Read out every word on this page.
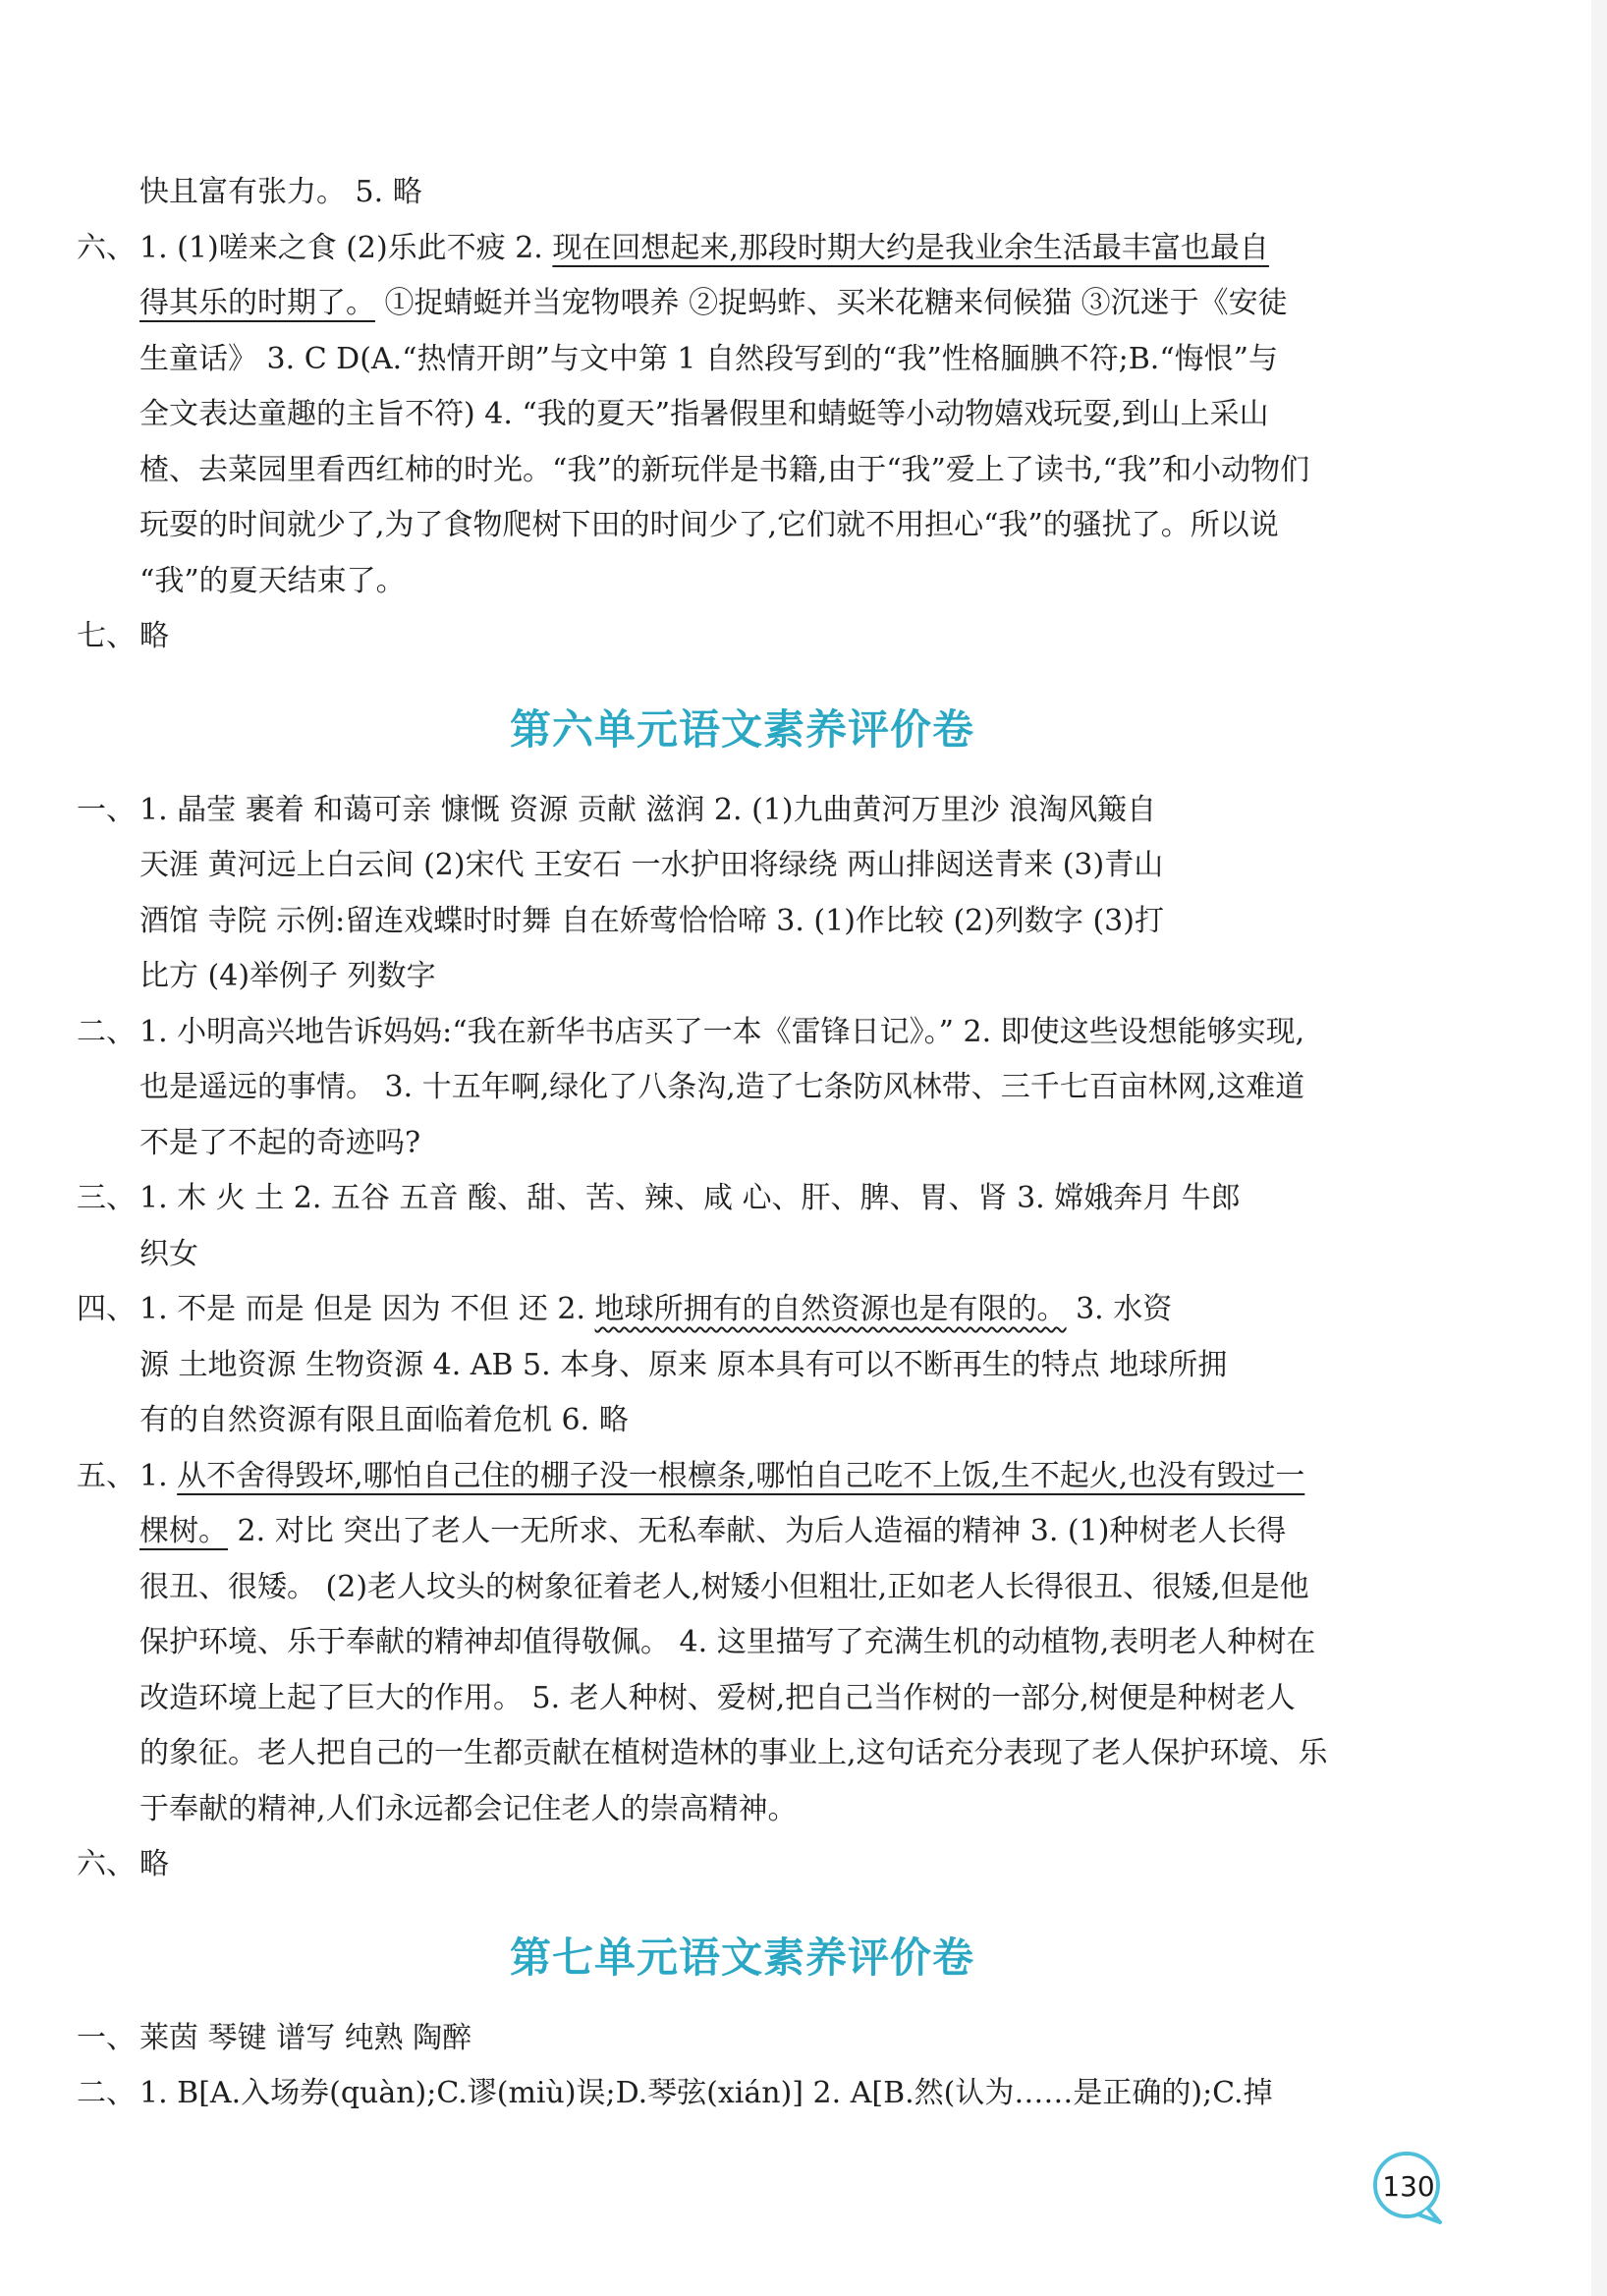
快且富有张力。 5. 略
六、 1. (1)嗟来之食 (2)乐此不疲 2. 现在回想起来,那段时期大约是我业余生活最丰富也最自
得其乐的时期了。 ①捉蜻蜓并当宠物喂养 ②捉蚂蚱、买米花糖来伺候猫 ③沉迷于《安徒
生童话》 3. C D(A.“热情开朗”与文中第 1 自然段写到的“我”性格腼腆不符;B.“悔恨”与
全文表达童趣的主旨不符) 4. “我的夏天”指暑假里和蜻蜓等小动物嬉戏玩耍,到山上采山
楂、去菜园里看西红柿的时光。“我”的新玩伴是书籍,由于“我”爱上了读书,“我”和小动物们
玩耍的时间就少了,为了食物爬树下田的时间少了,它们就不用担心“我”的骚扰了。所以说
“我”的夏天结束了。
七、 略
第六单元语文素养评价卷
一、 1. 晶莹 裹着 和蔼可亲 慷慨 资源 贡献 滋润 2. (1)九曲黄河万里沙 浪淘风簸自
天涯 黄河远上白云间 (2)宋代 王安石 一水护田将绿绕 两山排闼送青来 (3)青山
酒馆 寺院 示例:留连戏蝶时时舞 自在娇莺恰恰啼 3. (1)作比较 (2)列数字 (3)打
比方 (4)举例子 列数字
二、 1. 小明高兴地告诉妈妈:“我在新华书店买了一本《雷锋日记》。” 2. 即使这些设想能够实现,
也是遥远的事情。 3. 十五年啊,绿化了八条沟,造了七条防风林带、三千七百亩林网,这难道
不是了不起的奇迹吗?
三、 1. 木 火 土 2. 五谷 五音 酸、甜、苦、辣、咸 心、肝、脾、胃、肾 3. 嫦娥奔月 牛郎
织女
四、 1. 不是 而是 但是 因为 不但 还 2. 地球所拥有的自然资源也是有限的。 3. 水资
源 土地资源 生物资源 4. AB 5. 本身、原来 原本具有可以不断再生的特点 地球所拥
有的自然资源有限且面临着危机 6. 略
五、 1. 从不舍得毁坏,哪怕自己住的棚子没一根檩条,哪怕自己吃不上饭,生不起火,也没有毁过一
棵树。 2. 对比 突出了老人一无所求、无私奉献、为后人造福的精神 3. (1)种树老人长得
很丑、很矮。 (2)老人坟头的树象征着老人,树矮小但粗壮,正如老人长得很丑、很矮,但是他
保护环境、乐于奉献的精神却值得敬佩。 4. 这里描写了充满生机的动植物,表明老人种树在
改造环境上起了巨大的作用。 5. 老人种树、爱树,把自己当作树的一部分,树便是种树老人
的象征。老人把自己的一生都贡献在植树造林的事业上,这句话充分表现了老人保护环境、乐
于奉献的精神,人们永远都会记住老人的崇高精神。
六、 略
第七单元语文素养评价卷
一、 莱茵 琴键 谱写 纯熟 陶醉
二、 1. B[A.入场券(quàn);C.谬(miù)误;D.琴弦(xián)] 2. A[B.然(认为……是正确的);C.掉
130
